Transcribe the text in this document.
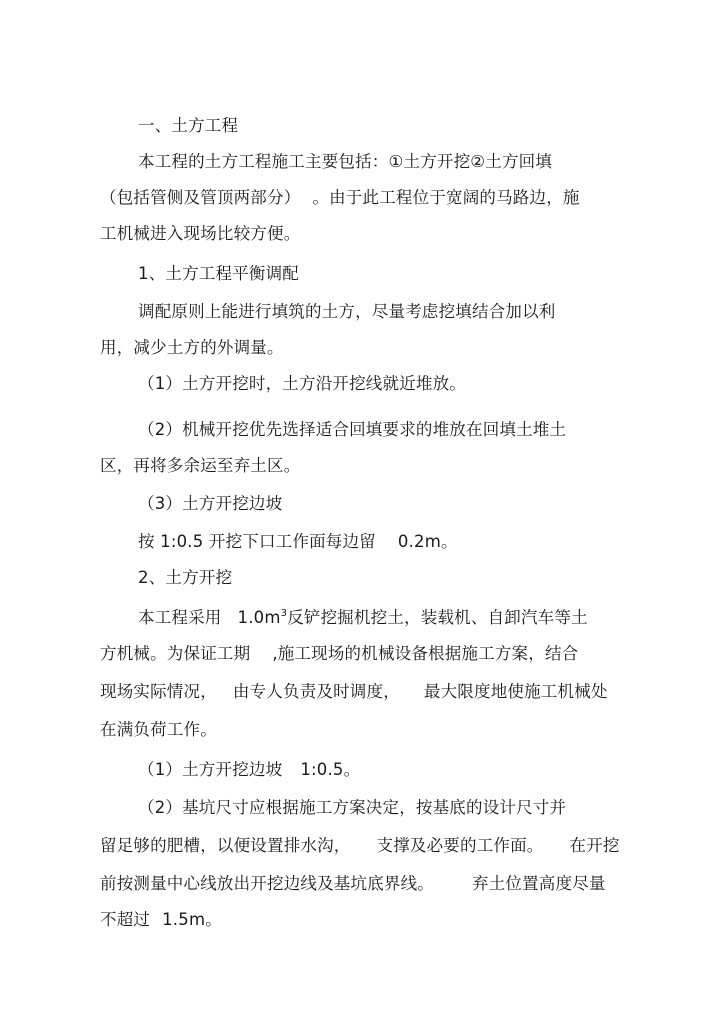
一、土方工程
本工程的土方工程施工主要包括：①土方开挖②土方回填
（包括管侧及管顶两部分） 。由于此工程位于宽阔的马路边，施
工机械进入现场比较方便。
1、土方工程平衡调配
调配原则上能进行填筑的土方，尽量考虑挖填结合加以利
用，减少土方的外调量。
（1）土方开挖时，土方沿开挖线就近堆放。
（2）机械开挖优先选择适合回填要求的堆放在回填土堆土
区，再将多余运至弃土区。
（3）土方开挖边坡
按 1:0.5 开挖下口工作面每边留 0.2m。
2、土方开挖
本工程采用 $1.0m^3$反铲挖掘机挖土，装载机、自卸汽车等土
方机械。为保证工期 ,施工现场的机械设备根据施工方案，结合
现场实际情况， 由专人负责及时调度， 最大限度地使施工机械处
在满负荷工作。
（1）土方开挖边坡 1:0.5。
（2）基坑尺寸应根据施工方案决定，按基底的设计尺寸并
留足够的肥槽，以便设置排水沟， 支撑及必要的工作面。 在开挖
前按测量中心线放出开挖边线及基坑底界线。 弃土位置高度尽量
不超过 1.5m。
